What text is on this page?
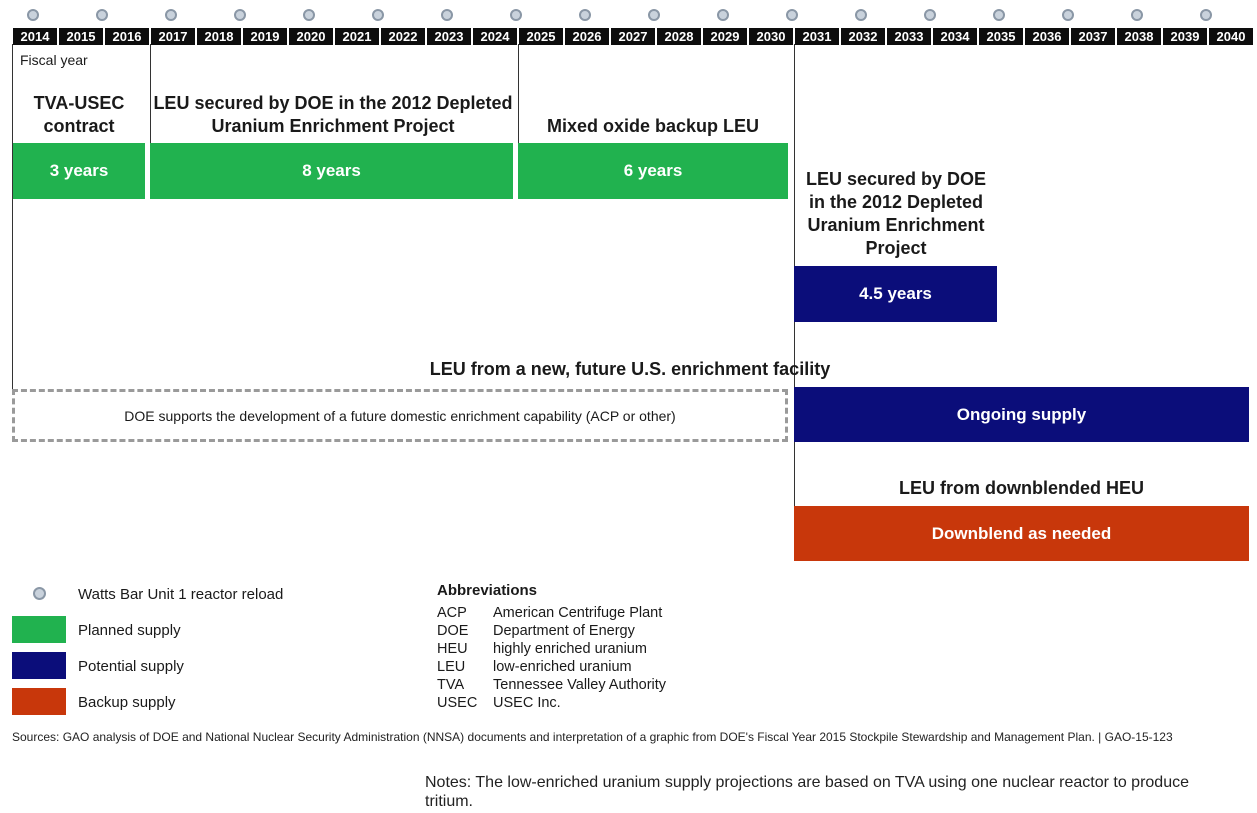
2014	2015	2016	2017	2018	2019	2020	2021	2022	2023	2024	2025	2026	2027	2028	2029	2030	2031	2032	2033	2034	2035	2036	2037	2038	2039	2040
Fiscal year
TVA-USEC contract
3 years
LEU secured by DOE in the 2012 Depleted Uranium Enrichment Project
8 years
Mixed oxide backup LEU
6 years	LEU secured by DOE in the 2012 Depleted Uranium Enrichment Project
4.5 years
LEU from a new, future U.S. enrichment facility
DOE supports the development of a future domestic enrichment capability (ACP or other)	Ongoing supply
LEU from downblended HEU
Downblend as needed
Watts Bar Unit 1 reactor reload
Planned supply
Potential supply
Backup supply
Abbreviations
ACP American Centrifuge Plant
DOE Department of Energy
HEU highly enriched uranium
LEU low-enriched uranium
TVA Tennessee Valley Authority
USEC USEC Inc.
Sources: GAO analysis of DOE and National Nuclear Security Administration (NNSA) documents and interpretation of a graphic from DOE's Fiscal Year 2015 Stockpile Stewardship and Management Plan. | GAO-15-123
Notes: The low-enriched uranium supply projections are based on TVA using one nuclear reactor to produce tritium.
